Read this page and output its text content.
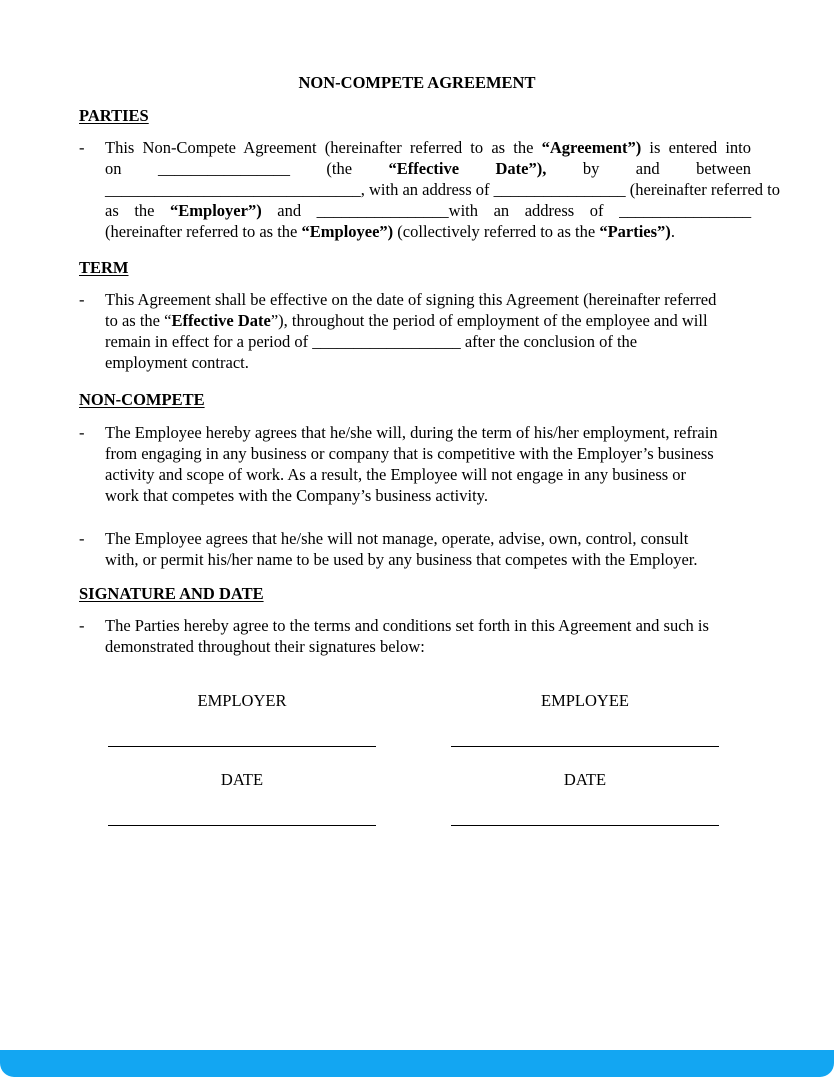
NON-COMPETE AGREEMENT
PARTIES
- This Non-Compete Agreement (hereinafter referred to as the “Agreement”) is entered into
on ________________ (the “Effective Date”), by and between
_______________________________, with an address of ________________ (hereinafter referred to
as the “Employer”) and ________________with an address of ________________
(hereinafter referred to as the “Employee”) (collectively referred to as the “Parties”).
TERM
- This Agreement shall be effective on the date of signing this Agreement (hereinafter referred
to as the “Effective Date”), throughout the period of employment of the employee and will
remain in effect for a period of __________________ after the conclusion of the
employment contract.
NON-COMPETE
- The Employee hereby agrees that he/she will, during the term of his/her employment, refrain
from engaging in any business or company that is competitive with the Employer’s business
activity and scope of work. As a result, the Employee will not engage in any business or
work that competes with the Company’s business activity.
- The Employee agrees that he/she will not manage, operate, advise, own, control, consult
with, or permit his/her name to be used by any business that competes with the Employer.
SIGNATURE AND DATE
- The Parties hereby agree to the terms and conditions set forth in this Agreement and such is
demonstrated throughout their signatures below:
EMPLOYER	EMPLOYEE
DATE	DATE
